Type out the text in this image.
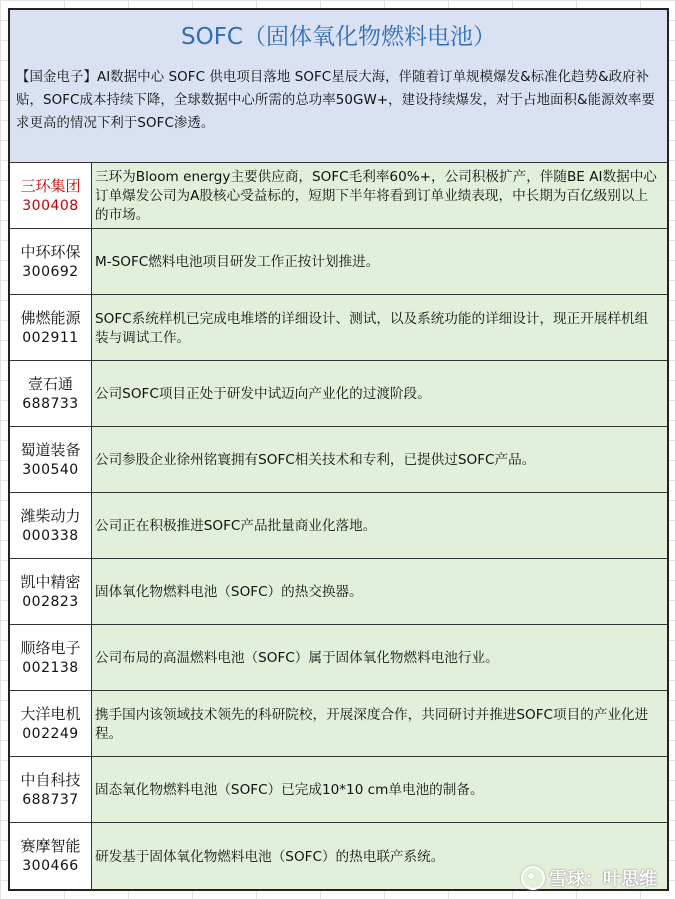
SOFC（固体氧化物燃料电池）
【国金电子】AI数据中心 SOFC 供电项目落地 SOFC星辰大海，伴随着订单规模爆发&标准化趋势&政府补贴，SOFC成本持续下降，全球数据中心所需的总功率50GW+，建设持续爆发，对于占地面积&能源效率要求更高的情况下利于SOFC渗透。
三环集团
300408
三环为Bloom energy主要供应商，SOFC毛利率60%+，公司积极扩产，伴随BE AI数据中心订单爆发公司为A股核心受益标的，短期下半年将看到订单业绩表现，中长期为百亿级别以上的市场。
中环环保
300692
M-SOFC燃料电池项目研发工作正按计划推进。
佛燃能源
002911
SOFC系统样机已完成电堆塔的详细设计、测试，以及系统功能的详细设计，现正开展样机组装与调试工作。
壹石通
688733
公司SOFC项目正处于研发中试迈向产业化的过渡阶段。
蜀道装备
300540
公司参股企业徐州铭寰拥有SOFC相关技术和专利，已提供过SOFC产品。
潍柴动力
000338
公司正在积极推进SOFC产品批量商业化落地。
凯中精密
002823
固体氧化物燃料电池（SOFC）的热交换器。
顺络电子
002138
公司布局的高温燃料电池（SOFC）属于固体氧化物燃料电池行业。
大洋电机
002249
携手国内该领域技术领先的科研院校，开展深度合作，共同研讨并推进SOFC项目的产业化进程。
中自科技
688737
固态氧化物燃料电池（SOFC）已完成10*10 cm单电池的制备。
赛摩智能
300466
研发基于固体氧化物燃料电池（SOFC）的热电联产系统。
雪球：叶思维
